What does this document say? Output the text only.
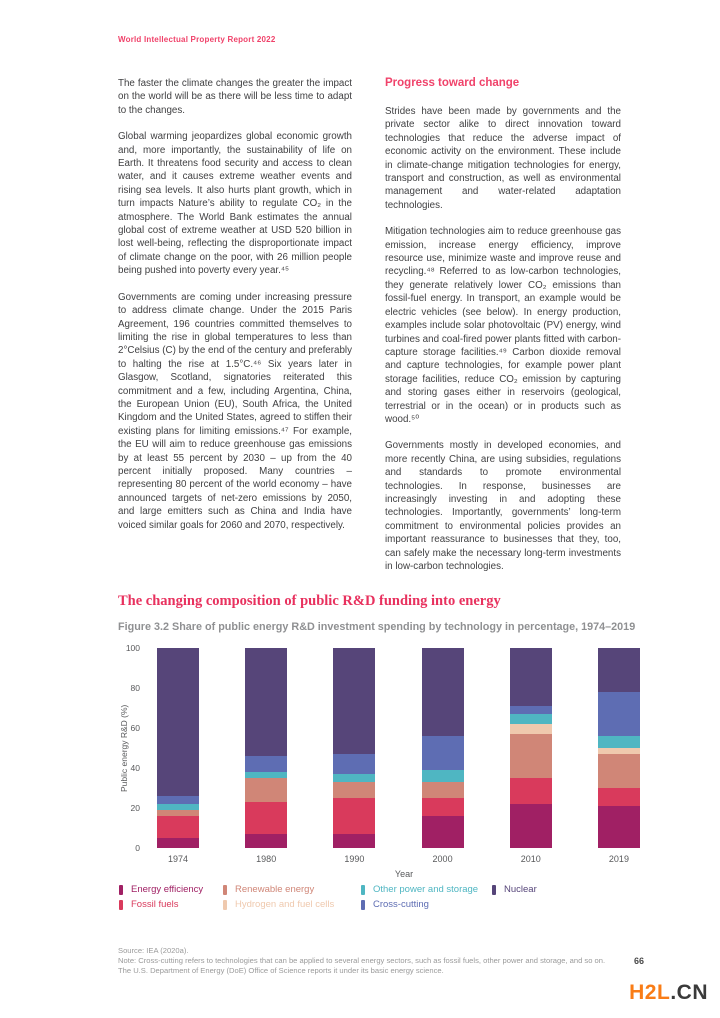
World Intellectual Property Report 2022

The faster the climate changes the greater the impact on the world will be as there will be less time to adapt to the changes.

Global warming jeopardizes global economic growth and, more importantly, the sustainability of life on Earth. It threatens food security and access to clean water, and it causes extreme weather events and rising sea levels. It also hurts plant growth, which in turn impacts Nature’s ability to regulate CO₂ in the atmosphere. The World Bank estimates the annual global cost of extreme weather at USD 520 billion in lost well-being, reflecting the disproportionate impact of climate change on the poor, with 26 million people being pushed into poverty every year.⁴⁵

Governments are coming under increasing pressure to address climate change. Under the 2015 Paris Agreement, 196 countries committed themselves to limiting the rise in global temperatures to less than 2°Celsius (C) by the end of the century and preferably to halting the rise at 1.5°C.⁴⁶ Six years later in Glasgow, Scotland, signatories reiterated this commitment and a few, including Argentina, China, the European Union (EU), South Africa, the United Kingdom and the United States, agreed to stiffen their existing plans for limiting emissions.⁴⁷ For example, the EU will aim to reduce greenhouse gas emissions by at least 55 percent by 2030 – up from the 40 percent initially proposed. Many countries – representing 80 percent of the world economy – have announced targets of net-zero emissions by 2050, and large emitters such as China and India have voiced similar goals for 2060 and 2070, respectively.

Progress toward change

Strides have been made by governments and the private sector alike to direct innovation toward technologies that reduce the adverse impact of economic activity on the environment. These include in climate-change mitigation technologies for energy, transport and construction, as well as environmental management and water-related adaptation technologies.

Mitigation technologies aim to reduce greenhouse gas emission, increase energy efficiency, improve resource use, minimize waste and improve reuse and recycling.⁴⁸ Referred to as low-carbon technologies, they generate relatively lower CO₂ emissions than fossil-fuel energy. In transport, an example would be electric vehicles (see below). In energy production, examples include solar photovoltaic (PV) energy, wind turbines and coal-fired power plants fitted with carbon-capture storage facilities.⁴⁹ Carbon dioxide removal and capture technologies, for example power plant storage facilities, reduce CO₂ emission by capturing and storing gases either in reservoirs (geological, terrestrial or in the ocean) or in products such as wood.⁵⁰

Governments mostly in developed economies, and more recently China, are using subsidies, regulations and standards to promote environmental technologies. In response, businesses are increasingly investing in and adopting these technologies. Importantly, governments’ long-term commitment to environmental policies provides an important reassurance to businesses that they, too, can safely make the necessary long-term investments in low-carbon technologies.

The changing composition of public R&D funding into energy
Figure 3.2 Share of public energy R&D investment spending by technology in percentage, 1974–2019
Public energy R&D (%)
0
20
40
60
80
100
1974	1980	1990	2000	2010	2019
Year
Energy efficiency
Fossil fuels
Renewable energy
Hydrogen and fuel cells
Other power and storage
Cross-cutting
Nuclear
Source: IEA (2020a).
Note: Cross-cutting refers to technologies that can be applied to several energy sectors, such as fossil fuels, other power and storage, and so on.
The U.S. Department of Energy (DoE) Office of Science reports it under its basic energy science.
66
H2L.CN
